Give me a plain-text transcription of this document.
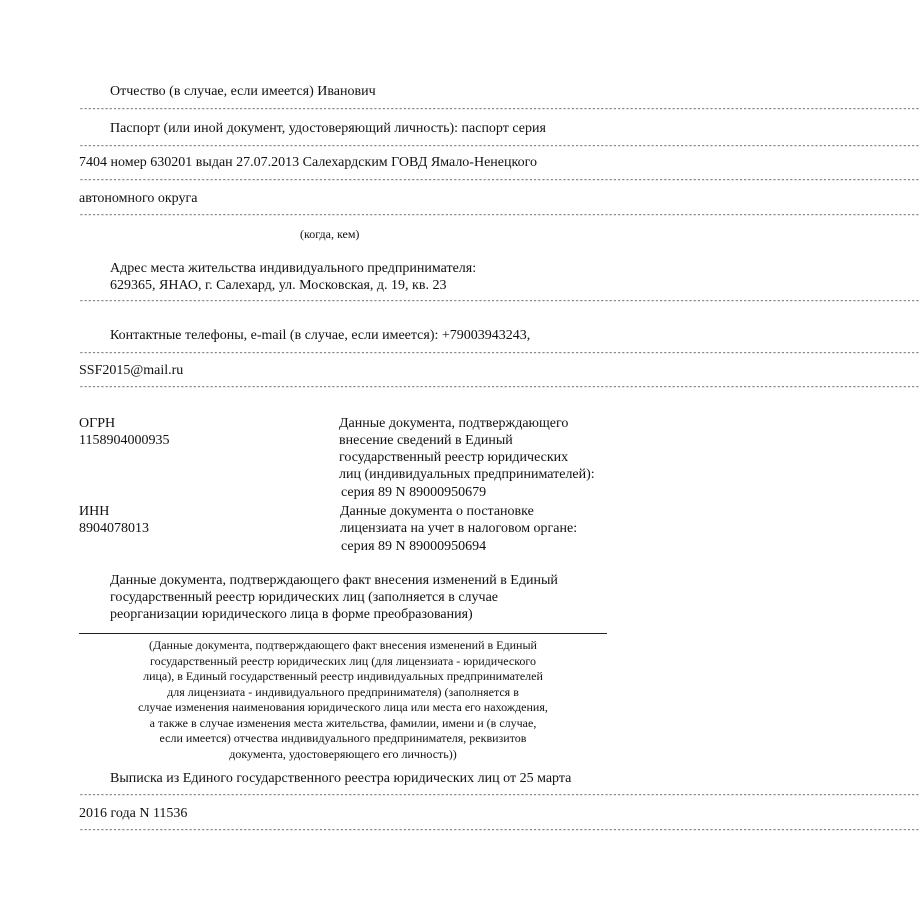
Отчество (в случае, если имеется) Иванович
--------------------------------------------------------------------------------------------------------------------------------------------------------------------------------------------------------
Паспорт (или иной документ, удостоверяющий личность): паспорт серия
--------------------------------------------------------------------------------------------------------------------------------------------------------------------------------------------------------
7404 номер 630201 выдан 27.07.2013 Салехардским ГОВД Ямало-Ненецкого
--------------------------------------------------------------------------------------------------------------------------------------------------------------------------------------------------------
автономного округа
--------------------------------------------------------------------------------------------------------------------------------------------------------------------------------------------------------
(когда, кем)
Адрес места жительства индивидуального предпринимателя:
629365, ЯНАО, г. Салехард, ул. Московская, д. 19, кв. 23
--------------------------------------------------------------------------------------------------------------------------------------------------------------------------------------------------------
Контактные телефоны, e-mail (в случае, если имеется): +79003943243,
--------------------------------------------------------------------------------------------------------------------------------------------------------------------------------------------------------
SSF2015@mail.ru
--------------------------------------------------------------------------------------------------------------------------------------------------------------------------------------------------------
ОГРН
1158904000935
Данные документа, подтверждающего
внесение сведений в Единый
государственный реестр юридических
лиц (индивидуальных предпринимателей):
серия 89 N 89000950679
ИНН
8904078013
Данные документа о постановке
лицензиата на учет в налоговом органе:
серия 89 N 89000950694
Данные документа, подтверждающего факт внесения изменений в Единый
государственный реестр юридических лиц (заполняется в случае
реорганизации юридического лица в форме преобразования)
(Данные документа, подтверждающего факт внесения изменений в Единый
государственный реестр юридических лиц (для лицензиата - юридического
лица), в Единый государственный реестр индивидуальных предпринимателей
для лицензиата - индивидуального предпринимателя) (заполняется в
случае изменения наименования юридического лица или места его нахождения,
а также в случае изменения места жительства, фамилии, имени и (в случае,
если имеется) отчества индивидуального предпринимателя, реквизитов
документа, удостоверяющего его личность))
Выписка из Единого государственного реестра юридических лиц от 25 марта
--------------------------------------------------------------------------------------------------------------------------------------------------------------------------------------------------------
2016 года N 11536
--------------------------------------------------------------------------------------------------------------------------------------------------------------------------------------------------------
